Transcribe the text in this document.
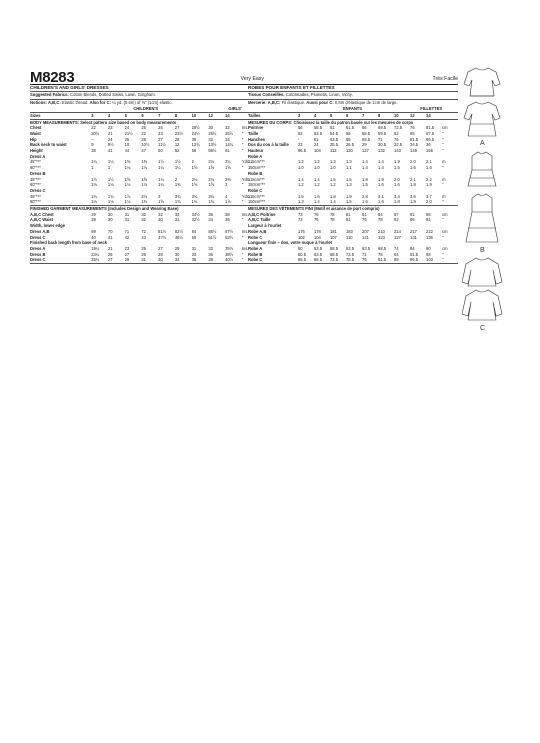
M8283	Very Easy
CHILDREN'S AND GIRLS' DRESSES
Suggested Fabrics: Cotton Blends, Dotted Swiss, Lawn, Gingham.
Notions: A,B,C: Elastic thread. Also for C: ¼ yd. (0.6m) of ⅜" (1cm) elastic.
	CHILDREN'S				GIRLS'					
Sizes	3	4	5	6	7	8	10	12	14	
BODY MEASUREMENTS: Select pattern size based on body measurements										
Chest	22	23	24	25	26	27	28½	30	32	Ins.
Waist	20½	21	21½	22	23	23½	24½	25½	26½	"
Hip	--	24	25	26	27	28	30	32	34	"
Back neck to waist	9	9½	10	10½	11½	12	12¾	13½	14¼	"
Height	38	41	44	47	50	52	56	58½	61	"
Dress A										
45"***	1¼	1¼	1⅜	1⅜	1½	1½	2	2⅛	2¼	Yds.
60"***	1	1	1⅛	1⅛	1¼	1¼	1⅝	1⅝	1⅝	"
Dress B										
45"***	1½	1½	1⅝	1⅝	1¾	2	2⅛	2¼	2⅜	Yds.
60"***	1⅛	1⅛	1⅛	1⅛	1¼	1⅜	1⅝	1⅝	2	"
Dress C										
45"***	1¾	1¾	1⅞	2⅛	3	3¾	3¾	3¾	4	Yds.
60"***	1⅛	1⅛	1⅛	1⅜	1⅝	1¾	1¾	1¾	1⅞	"
FINISHED GARMENT MEASUREMENTS (Includes Design and Wearing Ease)										
A,B,C Chest	29	30	31	32	32	33	34½	36	38	Ins.
A,B,C Waist	29	30	31	32	30	31	32½	34	36	"
Width, lower edge										
Dress A,B	69	70	71	72	81½	82½	84	85½	87½	Ins.
Dress C	40	41	42	43	47½	48½	50	51½	53½	"
Finished back length from base of neck										
Dress A	19¼	21	23	25	27	29	31	33	35½	Ins.
Dress B	23¼	25	27	29	28	30	33	36	38½	"
Dress C	25¼	27	29	31	30	32	35	38	40½	"
Très Facile
ROBES POUR ENFANTS ET FILLETTES
Tissus Conseillés: Cotonnades, Plumetis, Linon, Vichy.
Mercerie: A,B,C: Fil élastique. Aussi pour C: 0,6m d'élastique de 1cm de large.
	ENFANTS				FILLETTES					
Tailles	3	4	5	6	7	8	10	12	14	
MESURES DU CORPS: Choisissez la taille du patron basée sur les mesures de corps										
Poitrine	56	58.5	61	61.5	66	68.5	72.5	76	81.5	cm
Taille	52	53.5	54.5	56	58.5	59.5	62	65	67.5	"
Hanches	-	61	63.5	66	68.5	71	76	81.5	86.5	"
Dos du cou à la taille	23	24	25.5	26.5	29	30.5	32.5	34.5	36	"
Hauteur	96.5	104	112	120	127	132	143	149	155	"
Robe A										
115cm***	1.2	1.2	1.3	1.3	1.4	1.4	1.9	2.0	2.1	m
150cm***	1.0	1.0	1.0	1.1	1.4	1.4	1.5	1.6	1.6	"
Robe B										
115cm***	1.4	1.4	1.5	1.5	1.8	1.9	2.0	2.1	2.2	m
150cm***	1.2	1.2	1.2	1.3	1.5	1.6	1.6	1.8	1.9	"
Robe C										
115cm***	1.5	1.6	1.8	1.9	2.8	3.1	3.4	3.6	3.7	m
150cm***	1.3	1.4	1.4	1.5	1.6	1.6	1.8	1.9	2.0	"
MESURES DES VÊTEMENTS FINI (Motif et aisance de port compris)										
A,B,C Poitrine	73	76	78	81	81	84	87	91	96	cm
A,B,C Taille	73	76	78	81	76	78	82	86	91	"
Largeur à l'ourlet										
Robe A,B	176	178	181	183	207	210	214	217	222	cm
Robe C	102	104	107	110	121	123	127	131	136	"
Longueur finie – dos, votre nuque à l'ourlet										
Robe A	50	53.5	58.5	63.5	63.5	68.5	74	84	90	cm
Robe B	60.5	63.5	68.5	73.5	71	76	84	91.5	98	"
Robe C	65.5	68.5	73.5	78.5	76	81.5	89	96.5	103	"
A
B
C
